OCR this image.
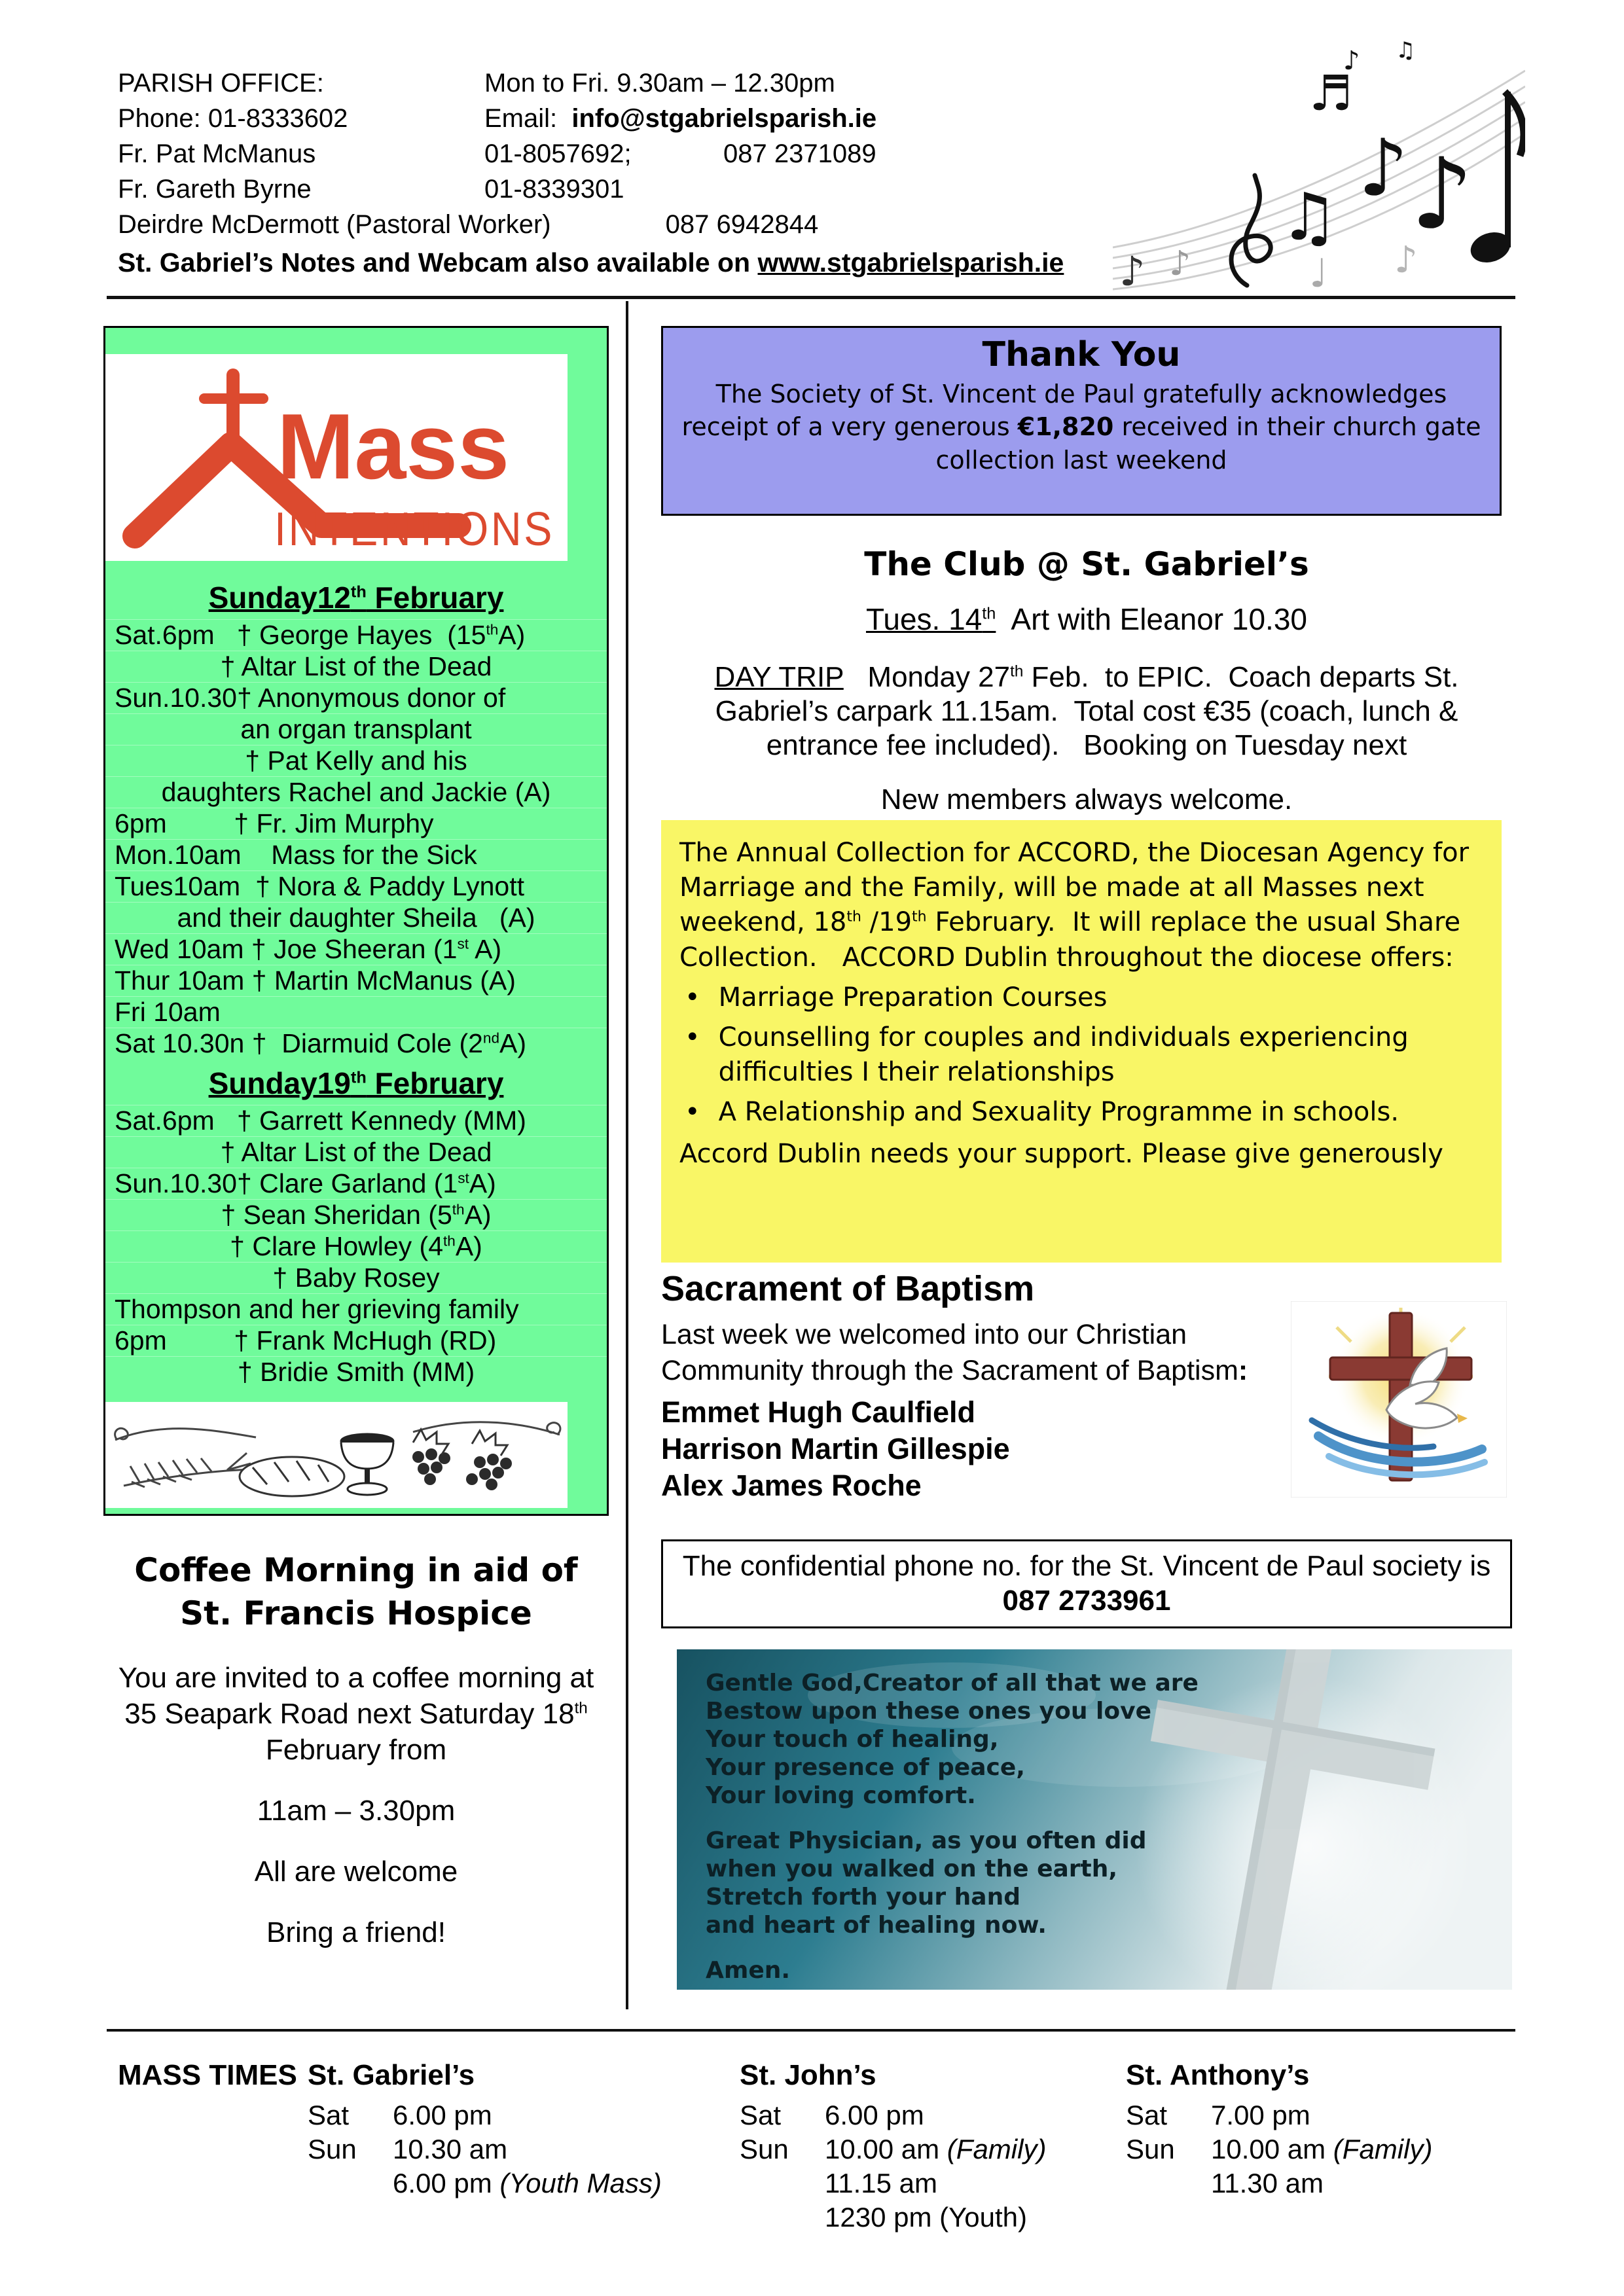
PARISH OFFICE:	Mon to Fri. 9.30am – 12.30pm
Phone: 01-8333602	Email:  info@stgabrielsparish.ie
Fr. Pat McManus	01-8057692;	087 2371089
Fr. Gareth Byrne	01-8339301
Deirdre McDermott (Pastoral Worker)	087 6942844
St. Gabriel’s Notes and Webcam also available on www.stgabrielsparish.ie	♪ ♪
♫
♩
♪
♬
♪ ♫
♪
♪
Mass
INTENTIONS
Sunday12th February
Sat.6pm   † George Hayes  (15thA)
† Altar List of the Dead
Sun.10.30† Anonymous donor of
an organ transplant
† Pat Kelly and his
daughters Rachel and Jackie (A)
6pm         † Fr. Jim Murphy
Mon.10am    Mass for the Sick
Tues10am  † Nora & Paddy Lynott
and their daughter Sheila   (A)
Wed 10am † Joe Sheeran (1st A)
Thur 10am † Martin McManus (A)
Fri 10am
Sat 10.30n †  Diarmuid Cole (2ndA)
Sunday19th February
Sat.6pm   † Garrett Kennedy (MM)
† Altar List of the Dead
Sun.10.30† Clare Garland (1stA)
† Sean Sheridan (5thA)
† Clare Howley (4thA)
† Baby Rosey
Thompson and her grieving family
6pm         † Frank McHugh (RD)
† Bridie Smith (MM)
Coffee Morning in aid of St. Francis Hospice
You are invited to a coffee morning at 35 Seapark Road next Saturday 18th February from
11am – 3.30pm
All are welcome
Bring a friend!
Thank You
The Society of St. Vincent de Paul gratefully acknowledges receipt of a very generous €1,820 received in their church gate collection last weekend
The Club @ St. Gabriel’s
Tues. 14th  Art with Eleanor 10.30
DAY TRIP   Monday 27th Feb.  to EPIC.  Coach departs St. Gabriel’s carpark 11.15am.  Total cost €35 (coach, lunch & entrance fee included).   Booking on Tuesday next
New members always welcome.
The Annual Collection for ACCORD, the Diocesan Agency for Marriage and the Family, will be made at all Masses next weekend, 18th /19th February.  It will replace the usual Share Collection.   ACCORD Dublin throughout the diocese offers:
• Marriage Preparation Courses
• Counselling for couples and individuals experiencing difficulties I their relationships
• A Relationship and Sexuality Programme in schools.
Accord Dublin needs your support. Please give generously
Sacrament of Baptism
Last week we welcomed into our Christian Community through the Sacrament of Baptism:
Emmet Hugh Caulfield
Harrison Martin Gillespie
Alex James Roche
The confidential phone no. for the St. Vincent de Paul society is  087 2733961
Gentle God,Creator of all that we are
Bestow upon these ones you love
Your touch of healing,
Your presence of peace,
Your loving comfort.
Great Physician, as you often did
when you walked on the earth,
Stretch forth your hand
and heart of healing now.
Amen.
MASS TIMES St. Gabriel’s
Sat	6.00 pm
Sun	10.30 am
6.00 pm (Youth Mass)
St. John’s
Sat	6.00 pm
Sun	10.00 am (Family)
11.15 am
1230 pm (Youth)
St. Anthony’s
Sat	7.00 pm
Sun	10.00 am (Family)
11.30 am
